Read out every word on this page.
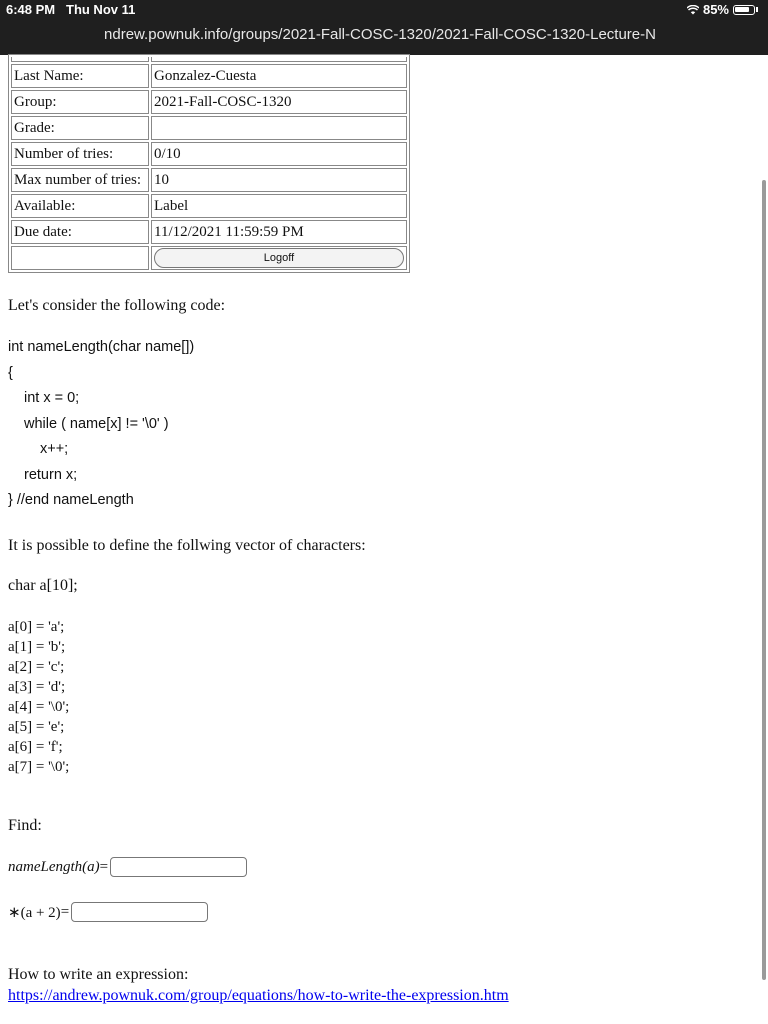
6:48 PM Thu Nov 11	85%
ndrew.pownuk.info/groups/2021-Fall-COSC-1320/2021-Fall-COSC-1320-Lecture-N

Last Name:	Gonzalez-Cuesta
Group:	2021-Fall-COSC-1320
Grade:	
Number of tries:	0/10
Max number of tries:	10
Available:	Label
Due date:	11/12/2021 11:59:59 PM

Logoff
Let's consider the following code:
int nameLength(char name[])
{
int x = 0;
while ( name[x] != '\0' )
x++;
return x;
} //end nameLength
It is possible to define the follwing vector of characters:
char a[10];
a[0] = 'a';
a[1] = 'b';
a[2] = 'c';
a[3] = 'd';
a[4] = '\0';
a[5] = 'e';
a[6] = 'f';
a[7] = '\0';
Find:
nameLength(a) =
∗(a + 2) =
How to write an expression:
https://andrew.pownuk.com/group/equations/how-to-write-the-expression.htm
